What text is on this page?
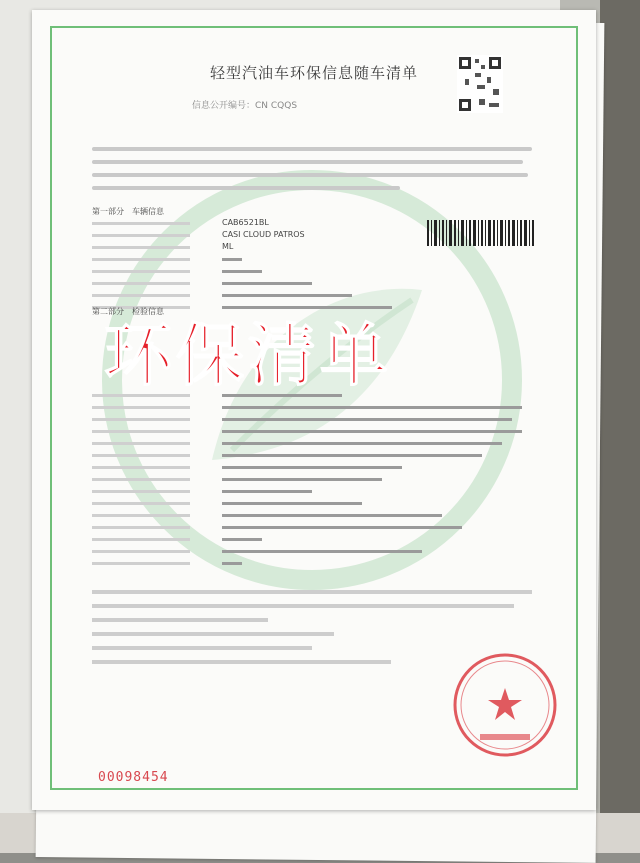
轻型汽油车环保信息随车清单
信息公开编号：CN CQQS
第一部分　车辆信息
CAB6521BL
CASI CLOUD PATROS
ML
第二部分　检验信息
环保清单
00098454
